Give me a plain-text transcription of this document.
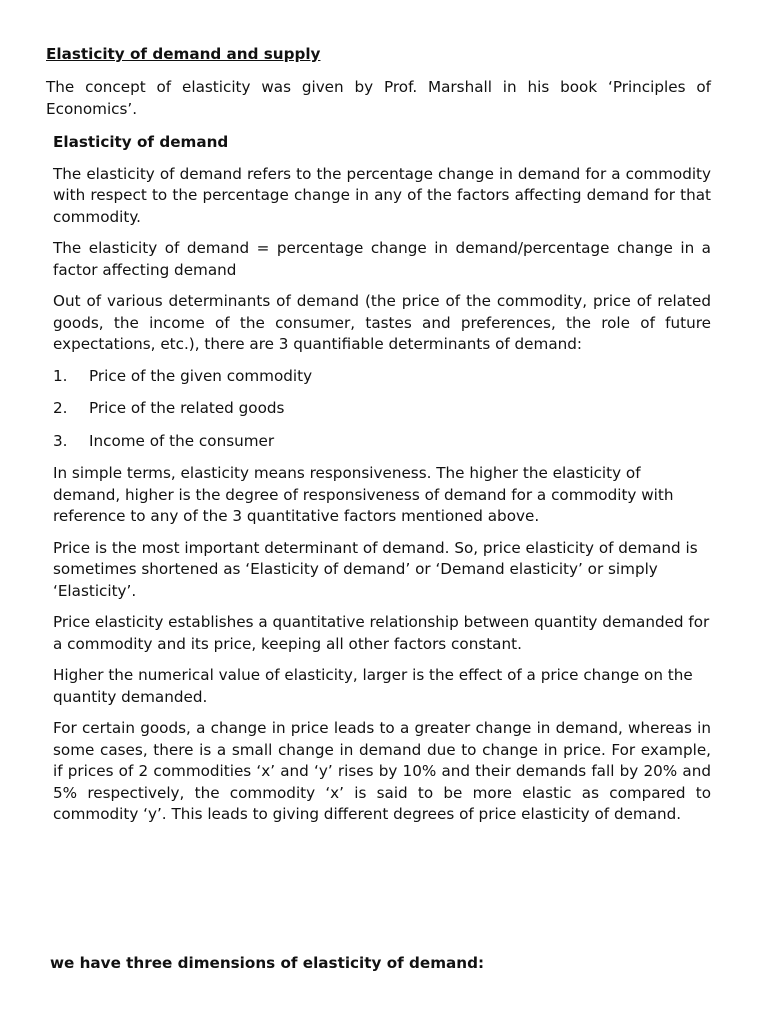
Elasticity of demand and supply

The concept of elasticity was given by Prof. Marshall in his book ‘Principles of Economics’.

Elasticity of demand

The elasticity of demand refers to the percentage change in demand for a commodity with respect to the percentage change in any of the factors affecting demand for that commodity.

The elasticity of demand = percentage change in demand/percentage change in a factor affecting demand

Out of various determinants of demand (the price of the commodity, price of related goods, the income of the consumer, tastes and preferences, the role of future expectations, etc.), there are 3 quantifiable determinants of demand:

1.	Price of the given commodity
2.	Price of the related goods
3.	Income of the consumer

In simple terms, elasticity means responsiveness. The higher the elasticity of demand, higher is the degree of responsiveness of demand for a commodity with reference to any of the 3 quantitative factors mentioned above.

Price is the most important determinant of demand. So, price elasticity of demand is sometimes shortened as ‘Elasticity of demand’ or ‘Demand elasticity’ or simply ‘Elasticity’.

Price elasticity establishes a quantitative relationship between quantity demanded for a commodity and its price, keeping all other factors constant.

Higher the numerical value of elasticity, larger is the effect of a price change on the quantity demanded.

For certain goods, a change in price leads to a greater change in demand, whereas in some cases, there is a small change in demand due to change in price. For example, if prices of 2 commodities ‘x’ and ‘y’ rises by 10% and their demands fall by 20% and 5% respectively, the commodity ‘x’ is said to be more elastic as compared to commodity ‘y’. This leads to giving different degrees of price elasticity of demand.

we have three dimensions of elasticity of demand:
